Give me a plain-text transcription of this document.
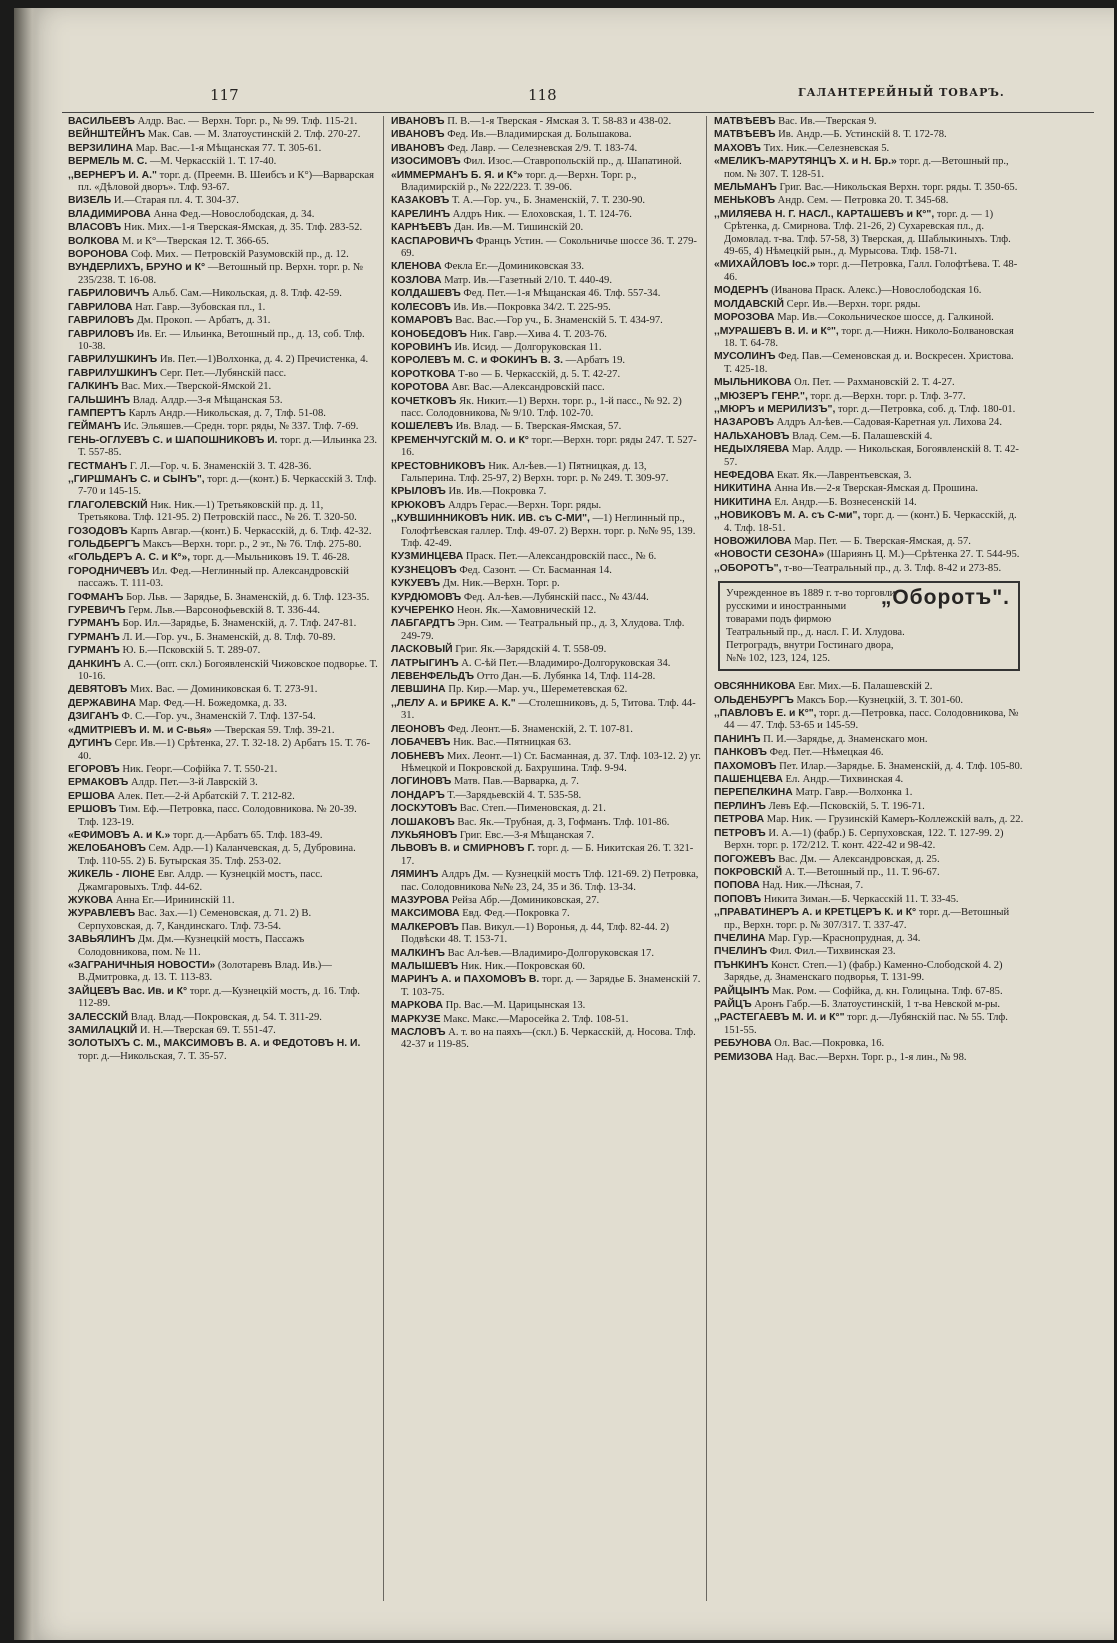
117	118	ГАЛАНТЕРЕЙНЫЙ ТОВАРЪ.
ВАСИЛЬЕВЪ Алдр. Вас. — Верхн. Торг. р., № 99. Тлф. 115-21.
ВЕЙНШТЕЙНЪ Мак. Сав. — М. Златоустинскій 2. Тлф. 270-27.
ВЕРЗИЛИНА Мар. Вас.—1-я Мѣщанская 77. Т. 305-61.
ВЕРМЕЛЬ М. С. —М. Черкасскій 1. Т. 17-40.
,,ВЕРНЕРЪ И. А." торг. д. (Преемн. В. Шеибсъ и К°)—Варварская пл. «Дѣловой дворъ». Тлф. 93-67.
ВИЗЕЛЬ И.—Старая пл. 4. Т. 304-37.
ВЛАДИМИРОВА Анна Фед.—Новослободская, д. 34.
ВЛАСОВЪ Ник. Мих.—1-я Тверская-Ямская, д. 35. Тлф. 283-52.
ВОЛКОВА М. и К°—Тверская 12. Т. 366-65.
ВОРОНОВА Соф. Мих. — Петровскій Разумовскій пр., д. 12.
ВУНДЕРЛИХЪ, БРУНО и К° —Ветошный пр. Верхн. торг. р. № 235/238. Т. 16-08.
ГАБРИЛОВИЧЪ Альб. Сам.—Никольская, д. 8. Тлф. 42-59.
ГАВРИЛОВА Нат. Гавр.—Зубовская пл., 1.
ГАВРИЛОВЪ Дм. Прокоп. — Арбатъ, д. 31.
ГАВРИЛОВЪ Ив. Ег. — Ильинка, Ветошный пр., д. 13, соб. Тлф. 10-38.
ГАВРИЛУШКИНЪ Ив. Пет.—1)Волхонка, д. 4. 2) Пречистенка, 4.
ГАВРИЛУШКИНЪ Серг. Пет.—Лубянскій пасс.
ГАЛКИНЪ Вас. Мих.—Тверской-Ямской 21.
ГАЛЬШИНЪ Влад. Алдр.—3-я Мѣщанская 53.
ГАМПЕРТЪ Карлъ Андр.—Никольская, д. 7, Тлф. 51-08.
ГЕЙМАНЪ Ис. Эльяшев.—Средн. торг. ряды, № 337. Тлф. 7-69.
ГЕНЬ-ОГЛУЕВЪ С. и ШАПОШНИКОВЪ И. торг. д.—Ильинка 23. Т. 557-85.
ГЕСТМАНЪ Г. Л.—Гор. ч. Б. Знаменскій 3. Т. 428-36.
,,ГИРШМАНЪ С. и СЫНЪ", торг. д.—(конт.) Б. Черкасскій 3. Тлф. 7-70 и 145-15.
ГЛАГОЛЕВСКІЙ Ник. Ник.—1) Третьяковскій пр. д. 11, Третьякова. Тлф. 121-95. 2) Петровскій пасс., № 26. Т. 320-50.
ГОЗОДОВЪ Карпъ Авгар.—(конт.) Б. Черкасскій, д. 6. Тлф. 42-32.
ГОЛЬДБЕРГЪ Максъ—Верхн. торг. р., 2 эт., № 76. Тлф. 275-80.
«ГОЛЬДЕРЪ А. С. и К°», торг. д.—Мыльниковъ 19. Т. 46-28.
ГОРОДНИЧЕВЪ Ил. Фед.—Неглинный пр. Александровскій пассажъ. Т. 111-03.
ГОФМАНЪ Бор. Льв. — Зарядье, Б. Знаменскій, д. 6. Тлф. 123-35.
ГУРЕВИЧЪ Герм. Льв.—Варсонофьевскій 8. Т. 336-44.
ГУРМАНЪ Бор. Ил.—Зарядье, Б. Знаменскій, д. 7. Тлф. 247-81.
ГУРМАНЪ Л. И.—Гор. уч., Б. Знаменскій, д. 8. Тлф. 70-89.
ГУРМАНЪ Ю. Б.—Псковскій 5. Т. 289-07.
ДАНКИНЪ А. С.—(опт. скл.) Богоявленскій Чижовское подворье. Т. 10-16.
ДЕВЯТОВЪ Мих. Вас. — Доминиковская 6. Т. 273-91.
ДЕРЖАВИНА Мар. Фед.—Н. Божедомка, д. 33.
ДЗИГАНЪ Ф. С.—Гор. уч., Знаменскій 7. Тлф. 137-54.
«ДМИТРІЕВЪ И. М. и С-вья» —Тверская 59. Тлф. 39-21.
ДУГИНЪ Серг. Ив.—1) Срѣтенка, 27. Т. 32-18. 2) Арбатъ 15. Т. 76-40.
ЕГОРОВЪ Ник. Георг.—Софійка 7. Т. 550-21.
ЕРМАКОВЪ Алдр. Пет.—3-й Лаврскій 3.
ЕРШОВА Алек. Пет.—2-й Арбатскій 7. Т. 212-82.
ЕРШОВЪ Тим. Еф.—Петровка, пасс. Солодовникова. № 20-39. Тлф. 123-19.
«ЕФИМОВЪ А. и К.» торг. д.—Арбатъ 65. Тлф. 183-49.
ЖЕЛОБАНОВЪ Сем. Адр.—1) Каланчевская, д. 5, Дубровина. Тлф. 110-55. 2) Б. Бутырская 35. Тлф. 253-02.
ЖИКЕЛЬ - ЛІОНЕ Евг. Алдр. — Кузнецкій мостъ, пасс. Джамгаровыхъ. Тлф. 44-62.
ЖУКОВА Анна Ег.—Ирининскій 11.
ЖУРАВЛЕВЪ Вас. Зах.—1) Семеновская, д. 71. 2) В. Серпуховская, д. 7, Кандинскаго. Тлф. 73-54.
ЗАВЬЯЛИНЪ Дм. Дм.—Кузнецкій мостъ, Пассажъ Солодовникова, пом. № 11.
«ЗАГРАНИЧНЫЯ НОВОСТИ» (Золотаревъ Влад. Ив.)—В.Дмитровка, д. 13. Т. 113-83.
ЗАЙЦЕВЪ Вас. Ив. и К° торг. д.—Кузнецкій мостъ, д. 16. Тлф. 112-89.
ЗАЛЕССКІЙ Влад. Влад.—Покровская, д. 54. Т. 311-29.
ЗАМИЛАЦКІЙ И. Н.—Тверская 69. Т. 551-47.
ЗОЛОТЫХЪ С. М., МАКСИМОВЪ В. А. и ФЕДОТОВЪ Н. И. торг. д.—Никольская, 7. Т. 35-57.
ИВАНОВЪ П. В.—1-я Тверская - Ямская 3. Т. 58-83 и 438-02.
ИВАНОВЪ Фед. Ив.—Владимирская д. Большакова.
ИВАНОВЪ Фед. Лавр. — Селезневская 2/9. Т. 183-74.
ИЗОСИМОВЪ Фил. Изос.—Ставропольскій пр., д. Шапатиной.
«ИММЕРМАНЪ Б. Я. и К°» торг. д.—Верхн. Торг. р., Владимирскій р., № 222/223. Т. 39-06.
КАЗАКОВЪ Т. А.—Гор. уч., Б. Знаменскій, 7. Т. 230-90.
КАРЕЛИНЪ Алдръ Ник. — Елоховская, 1. Т. 124-76.
КАРНѢЕВЪ Дан. Ив.—М. Тишинскій 20.
КАСПАРОВИЧЪ Францъ Устин. — Сокольничье шоссе 36. Т. 279-69.
КЛЕНОВА Фекла Ег.—Доминиковская 33.
КОЗЛОВА Матр. Ив.—Газетный 2/10. Т. 440-49.
КОЛДАШЕВЪ Фед. Пет.—1-я Мѣщанская 46. Тлф. 557-34.
КОЛЕСОВЪ Ив. Ив.—Покровка 34/2. Т. 225-95.
КОМАРОВЪ Вас. Вас.—Гор уч., Б. Знаменскій 5. Т. 434-97.
КОНОБЕДОВЪ Ник. Гавр.—Хива 4. Т. 203-76.
КОРОВИНЪ Ив. Исид. — Долгоруковская 11.
КОРОЛЕВЪ М. С. и ФОКИНЪ В. З. —Арбатъ 19.
КОРОТКОВА Т-во — Б. Черкасскій, д. 5. Т. 42-27.
КОРОТОВА Авг. Вас.—Александровскій пасс.
КОЧЕТКОВЪ Як. Никит.—1) Верхн. торг. р., 1-й пасс., № 92. 2) пасс. Солодовникова, № 9/10. Тлф. 102-70.
КОШЕЛЕВЪ Ив. Влад. — Б. Тверская-Ямская, 57.
КРЕМЕНЧУГСКІЙ М. О. и К° торг.—Верхн. торг. ряды 247. Т. 527-16.
КРЕСТОВНИКОВЪ Ник. Ал-ѣев.—1) Пятницкая, д. 13, Гальперина. Тлф. 25-97, 2) Верхн. торг. р. № 249. Т. 309-97.
КРЫЛОВЪ Ив. Ив.—Покровка 7.
КРЮКОВЪ Алдръ Герас.—Верхн. Торг. ряды.
,,КУВШИННИКОВЪ НИК. ИВ. съ С-МИ", —1) Неглинный пр., Голофтѣевская галлер. Тлф. 49-07. 2) Верхн. торг. р. №№ 95, 139. Тлф. 42-49.
КУЗМИНЦЕВА Праск. Пет.—Александровскій пасс., № 6.
КУЗНЕЦОВЪ Фед. Сазонт. — Ст. Басманная 14.
КУКУЕВЪ Дм. Ник.—Верхн. Торг. р.
КУРДЮМОВЪ Фед. Ал-ѣев.—Лубянскій пасс., № 43/44.
КУЧЕРЕНКО Неон. Як.—Хамовническій 12.
ЛАБГАРДТЪ Эрн. Сим. — Театральный пр., д. 3, Хлудова. Тлф. 249-79.
ЛАСКОВЫЙ Григ. Як.—Зарядскій 4. Т. 558-09.
ЛАТРЫГИНЪ А. С-ѣй Пет.—Владимиро-Долгоруковская 34.
ЛЕВЕНФЕЛЬДЪ Отто Дан.—Б. Лубянка 14, Тлф. 114-28.
ЛЕВШИНА Пр. Кир.—Мар. уч., Шереметевская 62.
,,ЛЕЛУ А. и БРИКЕ А. К." —Столешниковъ, д. 5, Титова. Тлф. 44-31.
ЛЕОНОВЪ Фед. Леонт.—Б. Знаменскій, 2. Т. 107-81.
ЛОБАЧЕВЪ Ник. Вас.—Пятницкая 63.
ЛОБНЕВЪ Мих. Леонт.—1) Ст. Басманная, д. 37. Тлф. 103-12. 2) уг. Нѣмецкой и Покровской д. Бахрушина. Тлф. 9-94.
ЛОГИНОВЪ Матв. Пав.—Варварка, д. 7.
ЛОНДАРЪ Т.—Зарядьевскій 4. Т. 535-58.
ЛОСКУТОВЪ Вас. Степ.—Пименовская, д. 21.
ЛОШАКОВЪ Вас. Як.—Трубная, д. 3, Гофманъ. Тлф. 101-86.
ЛУКЬЯНОВЪ Григ. Евс.—3-я Мѣщанская 7.
ЛЬВОВЪ В. и СМИРНОВЪ Г. торг. д. — Б. Никитская 26. Т. 321-17.
ЛЯМИНЪ Алдръ Дм. — Кузнецкій мостъ Тлф. 121-69. 2) Петровка, пас. Солодовникова №№ 23, 24, 35 и 36. Тлф. 13-34.
МАЗУРОВА Рейза Абр.—Доминиковская, 27.
МАКСИМОВА Евд. Фед.—Покровка 7.
МАЛКЕРОВЪ Пав. Викул.—1) Воронья, д. 44, Тлф. 82-44. 2) Подвѣски 48. Т. 153-71.
МАЛКИНЪ Вас Ал-ѣев.—Владимиро-Долгоруковская 17.
МАЛЫШЕВЪ Ник. Ник.—Покровская 60.
МАРИНЪ А. и ПАХОМОВЪ В. торг. д. — Зарядье Б. Знаменскій 7. Т. 103-75.
МАРКОВА Пр. Вас.—М. Царицынская 13.
МАРКУЗЕ Макс. Макс.—Маросейка 2. Тлф. 108-51.
МАСЛОВЪ А. т. во на паяхъ—(скл.) Б. Черкасскій, д. Носова. Тлф. 42-37 и 119-85.
МАТВѢЕВЪ Вас. Ив.—Тверская 9.
МАТВѢЕВЪ Ив. Андр.—Б. Устинскій 8. Т. 172-78.
МАХОВЪ Тих. Ник.—Селезневская 5.
«МЕЛИКЪ-МАРУТЯНЦЪ Х. и Н. Бр.» торг. д.—Ветошный пр., пом. № 307. Т. 128-51.
МЕЛЬМАНЪ Григ. Вас.—Никольская Верхн. торг. ряды. Т. 350-65.
МЕНЬКОВЪ Андр. Сем. — Петровка 20. Т. 345-68.
,,МИЛЯЕВА Н. Г. НАСЛ., КАРТАШЕВЪ и К°", торг. д. — 1) Срѣтенка, д. Смирнова. Тлф. 21-26, 2) Сухаревская пл., д. Домовлад. т-ва. Тлф. 57-58, 3) Тверская, д. Шаблыкиныхъ. Тлф. 49-65, 4) Нѣмецкій рын., д. Мурысова. Тлф. 158-71.
«МИХАЙЛОВЪ Іос.» торг. д.—Петровка, Галл. Голофтѣева. Т. 48-46.
МОДЕРНЪ (Иванова Праск. Алекс.)—Новослободская 16.
МОЛДАВСКІЙ Серг. Ив.—Верхн. торг. ряды.
МОРОЗОВА Мар. Ив.—Сокольническое шоссе, д. Галкиной.
,,МУРАШЕВЪ В. И. и К°", торг. д.—Нижн. Николо-Болвановская 18. Т. 64-78.
МУСОЛИНЪ Фед. Пав.—Семеновская д. и. Воскресен. Христова. Т. 425-18.
МЫЛЬНИКОВА Ол. Пет. — Рахмановскій 2. Т. 4-27.
,,МЮЗЕРЪ ГЕНР.", торг. д.—Верхн. торг. р. Тлф. 3-77.
,,МЮРЪ и МЕРИЛИЗЪ", торг. д.—Петровка, соб. д. Тлф. 180-01.
НАЗАРОВЪ Алдръ Ал-ѣев.—Садовая-Каретная ул. Лихова 24.
НАЛЬХАНОВЪ Влад. Сем.—Б. Палашевскій 4.
НЕДЫХЛЯЕВА Мар. Алдр. — Никольская, Богоявленскій 8. Т. 42-57.
НЕФЕДОВА Екат. Як.—Лаврентьевская, 3.
НИКИТИНА Анна Ив.—2-я Тверская-Ямская д. Прошина.
НИКИТИНА Ел. Андр.—Б. Вознесенскій 14.
,,НОВИКОВЪ М. А. съ С-ми", торг. д. — (конт.) Б. Черкасскій, д. 4. Тлф. 18-51.
НОВОЖИЛОВА Мар. Пет. — Б. Тверская-Ямская, д. 57.
«НОВОСТИ СЕЗОНА» (Шариянъ Ц. М.)—Срѣтенка 27. Т. 544-95.
,,ОБОРОТЪ", т-во—Театральный пр., д. 3. Тлф. 8-42 и 273-85.
Учрежденное въ 1889 г. т-во торговли
русскими и иностранными
товарами подъ фирмою
„Оборотъ".
Театральный пр., д. насл. Г. И. Хлудова.
Петроградъ, внутри Гостинаго двора,
№№ 102, 123, 124, 125.
ОВСЯННИКОВА Евг. Мих.—Б. Палашевскій 2.
ОЛЬДЕНБУРГЪ Максъ Бор.—Кузнецкій, 3. Т. 301-60.
,,ПАВЛОВЪ Е. и К°", торг. д.—Петровка, пасс. Солодовникова, № 44 — 47. Тлф. 53-65 и 145-59.
ПАНИНЪ П. И.—Зарядье, д. Знаменскаго мон.
ПАНКОВЪ Фед. Пет.—Нѣмецкая 46.
ПАХОМОВЪ Пет. Илар.—Зарядье. Б. Знаменскій, д. 4. Тлф. 105-80.
ПАШЕНЦЕВА Ел. Андр.—Тихвинская 4.
ПЕРЕПЕЛКИНА Матр. Гавр.—Волхонка 1.
ПЕРЛИНЪ Левъ Еф.—Псковскій, 5. Т. 196-71.
ПЕТРОВА Мар. Ник. — Грузинскій Камеръ-Коллежскій валъ, д. 22.
ПЕТРОВЪ И. А.—1) (фабр.) Б. Серпуховская, 122. Т. 127-99. 2) Верхн. торг. р. 172/212. Т. конт. 422-42 и 98-42.
ПОГОЖЕВЪ Вас. Дм. — Александровская, д. 25.
ПОКРОВСКІЙ А. Т.—Ветошный пр., 11. Т. 96-67.
ПОПОВА Над. Ник.—Лѣсная, 7.
ПОПОВЪ Никита Зиман.—Б. Черкасскій 11. Т. 33-45.
,,ПРАВАТИНЕРЪ А. и КРЕТЦЕРЪ К. и К° торг. д.—Ветошный пр., Верхн. торг. р. № 307/317. Т. 337-47.
ПЧЕЛИНА Мар. Гур.—Краснопрудная, д. 34.
ПЧЕЛИНЪ Фил. Фил.—Тихвинская 23.
ПЪНКИНЪ Конст. Степ.—1) (фабр.) Каменно-Слободской 4. 2) Зарядье, д. Знаменскаго подворья, Т. 131-99.
РАЙЦЫНЪ Мак. Ром. — Софійка, д. кн. Голицына. Тлф. 67-85.
РАЙЦЪ Аронъ Габр.—Б. Златоустинскій, 1 т-ва Невской м-ры.
,,РАСТЕГАЕВЪ М. И. и К°" торг. д.—Лубянскій пас. № 55. Тлф. 151-55.
РЕБУНОВА Ол. Вас.—Покровка, 16.
РЕМИЗОВА Над. Вас.—Верхн. Торг. р., 1-я лин., № 98.
